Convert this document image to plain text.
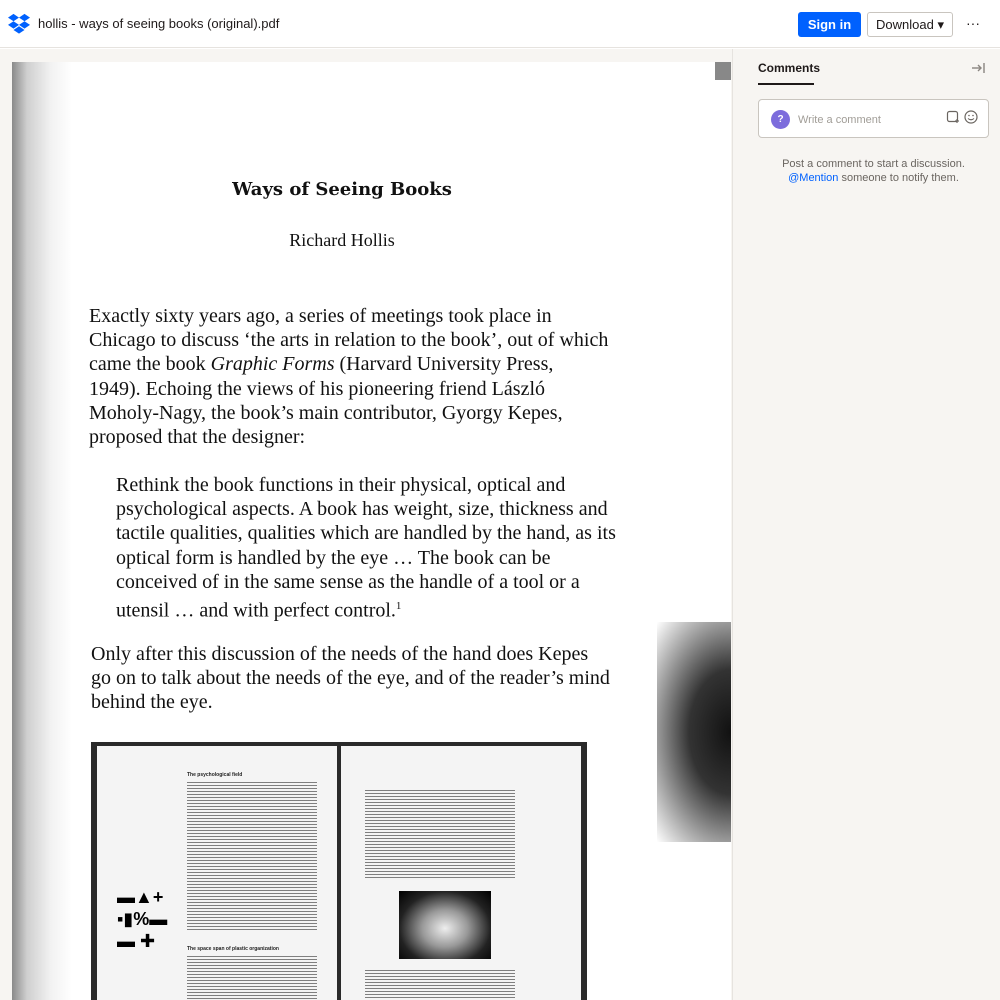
hollis - ways of seeing books (original).pdf	Sign in	Download ▾	···
Ways of Seeing Books
Richard Hollis
Exactly sixty years ago, a series of meetings took place in Chicago to discuss ‘the arts in relation to the book’, out of which came the book Graphic Forms (Harvard University Press, 1949). Echoing the views of his pioneering friend László Moholy-Nagy, the book’s main contributor, Gyorgy Kepes, proposed that the designer:
Rethink the book functions in their physical, optical and psychological aspects. A book has weight, size, thickness and tactile qualities, qualities which are handled by the hand, as its optical form is handled by the eye … The book can be conceived of in the same sense as the handle of a tool or a utensil … and with perfect control.$^1$
Only after this discussion of the needs of the hand does Kepes go on to talk about the needs of the eye, and of the reader’s mind behind the eye.
The psychological field
▬▲+
▪▮%▬
▬ ✚	The space span of plastic organization
Comments
?
Write a comment
Post a comment to start a discussion.
@Mention someone to notify them.
